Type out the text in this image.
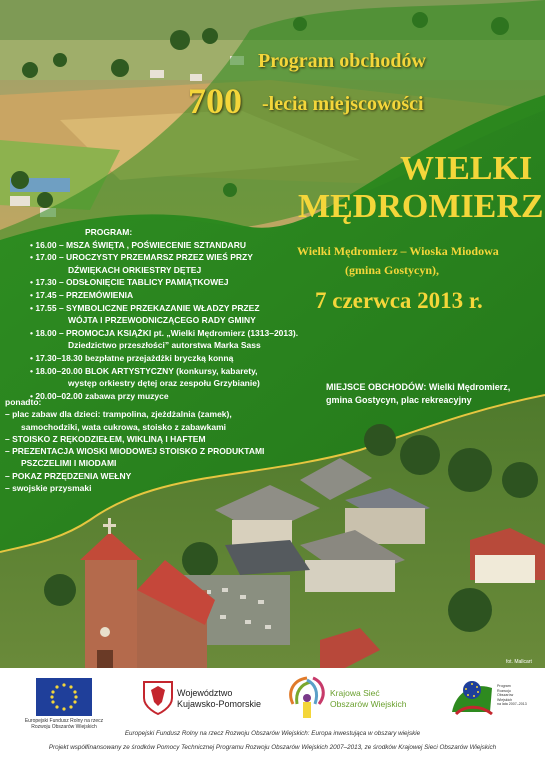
Program obchodów
700 -lecia miejscowości
WIELKI
MĘDROMIERZ
Wielki Mędromierz – Wioska Miodowa
(gmina Gostycyn),
7 czerwca 2013 r.
PROGRAM:
• 16.00 – MSZA ŚWIĘTA , POŚWIECENIE SZTANDARU
• 17.00 – UROCZYSTY PRZEMARSZ PRZEZ WIEŚ PRZY
DŹWIĘKACH ORKIESTRY DĘTEJ
• 17.30 – ODSŁONIĘCIE TABLICY PAMIĄTKOWEJ
• 17.45 – PRZEMÓWIENIA
• 17.55 – SYMBOLICZNE PRZEKAZANIE WŁADZY PRZEZ
WÓJTA I PRZEWODNICZĄCEGO RADY GMINY
• 18.00 – PROMOCJA KSIĄŻKI pt. „Wielki Mędromierz (1313–2013).
Dziedzictwo przeszłości” autorstwa Marka Sass
• 17.30–18.30 bezpłatne przejażdżki bryczką konną
• 18.00–20.00 BLOK ARTYSTYCZNY (konkursy, kabarety,
występ orkiestry dętej oraz zespołu Grzybianie)
• 20.00–02.00 zabawa przy muzyce
MIEJSCE OBCHODÓW: Wielki Mędromierz,
gmina Gostycyn, plac rekreacyjny
ponadto:
– plac zabaw dla dzieci: trampolina, zjeżdżalnia (zamek),
samochodziki, wata cukrowa, stoisko z zabawkami
– STOISKO Z RĘKODZIEŁEM, WIKLINĄ I HAFTEM
– PREZENTACJA WIOSKI MIODOWEJ STOISKO Z PRODUKTAMI
PSZCZELIMI I MIODAMI
– POKAZ PRZĘDZENIA WEŁNY
– swojskie przysmaki
fot. Mallcart
Europejski Fundusz Rolny na rzecz
Rozwoju Obszarów Wiejskich
Województwo
Kujawsko-Pomorskie
Krajowa Sieć
Obszarów Wiejskich
Program
Rozwoju
Obszarów
Wiejskich
na lata 2007–2013
Europejski Fundusz Rolny na rzecz Rozwoju Obszarów Wiejskich: Europa inwestująca w obszary wiejskie
Projekt współfinansowany ze środków Pomocy Technicznej Programu Rozwoju Obszarów Wiejskich 2007–2013, ze środków Krajowej Sieci Obszarów Wiejskich
